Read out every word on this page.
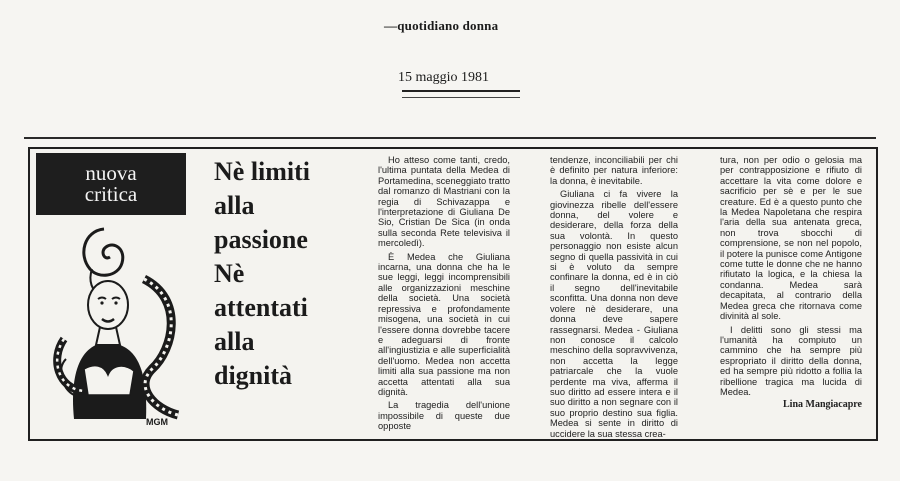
—quotidiano donna
15 maggio 1981
nuova
critica
MGM
Nè limiti
alla
passione
Nè
attentati
alla
dignità

Ho atteso come tanti, credo, l'ultima puntata della Medea di Portamedina, sceneggiato tratto dal romanzo di Mastriani con la regia di Schivazappa e l'interpretazione di Giuliana De Sio, Cristian De Sica (in onda sulla seconda Rete televisiva il mercoledì).

È Medea che Giuliana incarna, una donna che ha le sue leggi, leggi incomprensibili alle organizzazioni meschine della società. Una società repressiva e profondamente misogena, una società in cui l'essere donna dovrebbe tacere e adeguarsi di fronte all'ingiustizia e alle superficialità dell'uomo. Medea non accetta limiti alla sua passione ma non accetta attentati alla sua dignità.

La tragedia dell'unione impossibile di queste due opposte

tendenze, inconciliabili per chi è definito per natura inferiore: la donna, è inevitabile.

Giuliana ci fa vivere la giovinezza ribelle dell'essere donna, del volere e desiderare, della forza della sua volontà. In questo personaggio non esiste alcun segno di quella passività in cui si è voluto da sempre confinare la donna, ed è in ciò il segno dell'inevitabile sconfitta. Una donna non deve volere nè desiderare, una donna deve sapere rassegnarsi. Medea - Giuliana non conosce il calcolo meschino della sopravvivenza, non accetta la legge patriarcale che la vuole perdente ma viva, afferma il suo diritto ad essere intera e il suo diritto a non segnare con il suo proprio destino sua figlia. Medea si sente in diritto di uccidere la sua stessa crea-

tura, non per odio o gelosia ma per contrapposizione e rifiuto di accettare la vita come dolore e sacrificio per sè e per le sue creature. Ed è a questo punto che la Medea Napoletana che respira l'aria della sua antenata greca, non trova sbocchi di comprensione, se non nel popolo, il potere la punisce come Antigone come tutte le donne che ne hanno rifiutato la logica, e la chiesa la condanna. Medea sarà decapitata, al contrario della Medea greca che ritornava come divinità al sole.

I delitti sono gli stessi ma l'umanità ha compiuto un cammino che ha sempre più espropriato il diritto della donna, ed ha sempre più ridotto a follia la ribellione tragica ma lucida di Medea.

Lina Mangiacapre
